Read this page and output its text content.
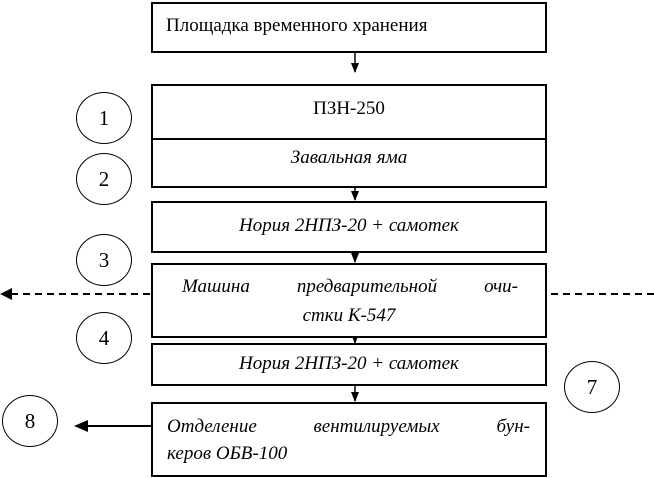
Площадка временного хранения
ПЗН-250
Завальная яма
Нория 2НПЗ-20 + самотек
Машина предварительной очи-
стки К-547
Нория 2НПЗ-20 + самотек
Отделение	вентилируемых	бун-
керов ОБВ-100
1
2
3
4
7
8
